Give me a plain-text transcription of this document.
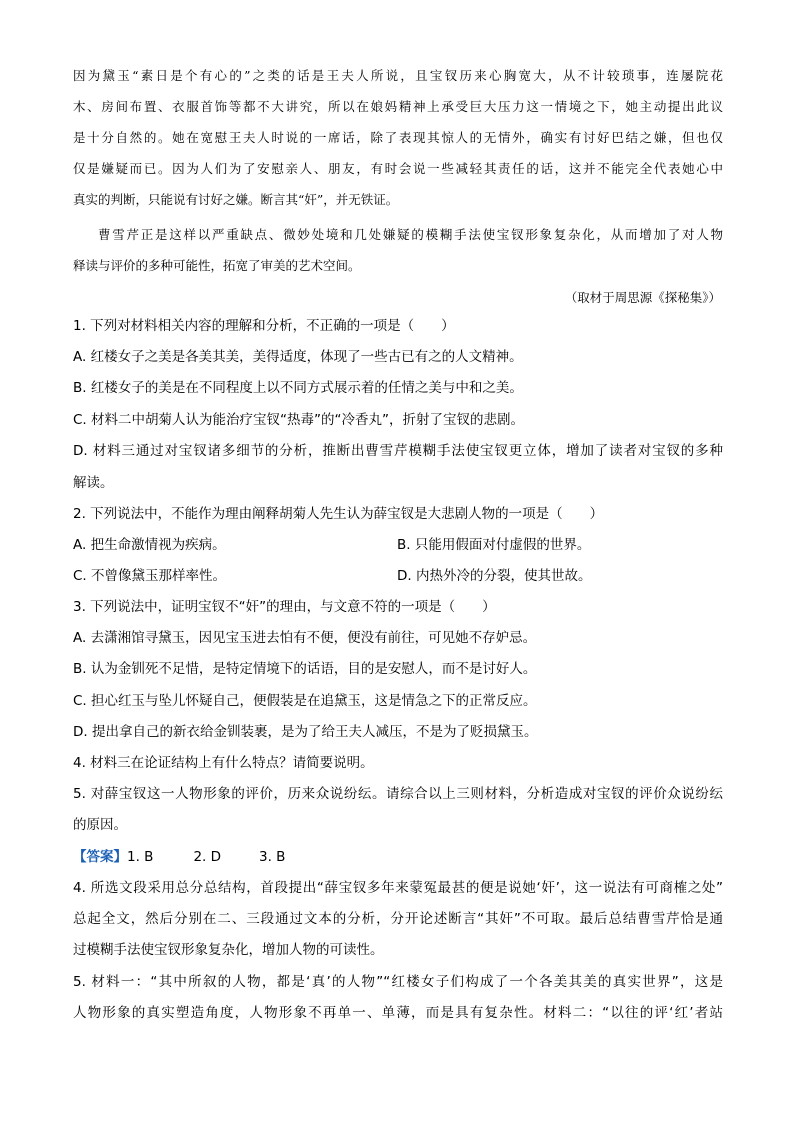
因为黛玉“素日是个有心的”之类的话是王夫人所说，且宝钗历来心胸宽大，从不计较琐事，连屡院花
木、房间布置、衣服首饰等都不大讲究，所以在娘妈精神上承受巨大压力这一情境之下，她主动提出此议
是十分自然的。她在宽慰王夫人时说的一席话，除了表现其惊人的无情外，确实有讨好巴结之嫌，但也仅
仅是嫌疑而已。因为人们为了安慰亲人、朋友，有时会说一些减轻其责任的话，这并不能完全代表她心中
真实的判断，只能说有讨好之嫌。断言其“奸”，并无铁证。
曹雪芹正是这样以严重缺点、微妙处境和几处嫌疑的模糊手法使宝钗形象复杂化，从而增加了对人物
释读与评价的多种可能性，拓宽了审美的艺术空间。
（取材于周思源《探秘集》）
1. 下列对材料相关内容的理解和分析，不正确的一项是（　　）
A. 红楼女子之美是各美其美，美得适度，体现了一些古已有之的人文精神。
B. 红楼女子的美是在不同程度上以不同方式展示着的任情之美与中和之美。
C. 材料二中胡菊人认为能治疗宝钗“热毒”的“冷香丸”，折射了宝钗的悲剧。
D. 材料三通过对宝钗诸多细节的分析，推断出曹雪芹模糊手法使宝钗更立体，增加了读者对宝钗的多种
解读。
2. 下列说法中，不能作为理由阐释胡菊人先生认为薛宝钗是大悲剧人物的一项是（　　）
A. 把生命激情视为疾病。	B. 只能用假面对付虚假的世界。
C. 不曾像黛玉那样率性。	D. 内热外冷的分裂，使其世故。
3. 下列说法中，证明宝钗不“奸”的理由，与文意不符的一项是（　　）
A. 去潇湘馆寻黛玉，因见宝玉进去怕有不便，便没有前往，可见她不存妒忌。
B. 认为金钏死不足惜，是特定情境下的话语，目的是安慰人，而不是讨好人。
C. 担心红玉与坠儿怀疑自己，便假装是在追黛玉，这是情急之下的正常反应。
D. 提出拿自己的新衣给金钏装裹，是为了给王夫人减压，不是为了贬损黛玉。
4. 材料三在论证结构上有什么特点？请简要说明。
5. 对薛宝钗这一人物形象的评价，历来众说纷纭。请综合以上三则材料，分析造成对宝钗的评价众说纷纭
的原因。
【答案】1. B	2. D	3. B
4. 所选文段采用总分总结构，首段提出“薛宝钗多年来蒙冤最甚的便是说她‘奸’，这一说法有可商榷之处”
总起全文，然后分别在二、三段通过文本的分析，分开论述断言“其奸”不可取。最后总结曹雪芹恰是通
过模糊手法使宝钗形象复杂化，增加人物的可读性。
5. 材料一：“其中所叙的人物，都是‘真’的人物”“红楼女子们构成了一个各美其美的真实世界”，这是
人物形象的真实塑造角度，人物形象不再单一、单薄，而是具有复杂性。材料二：“以往的评‘红’者站
